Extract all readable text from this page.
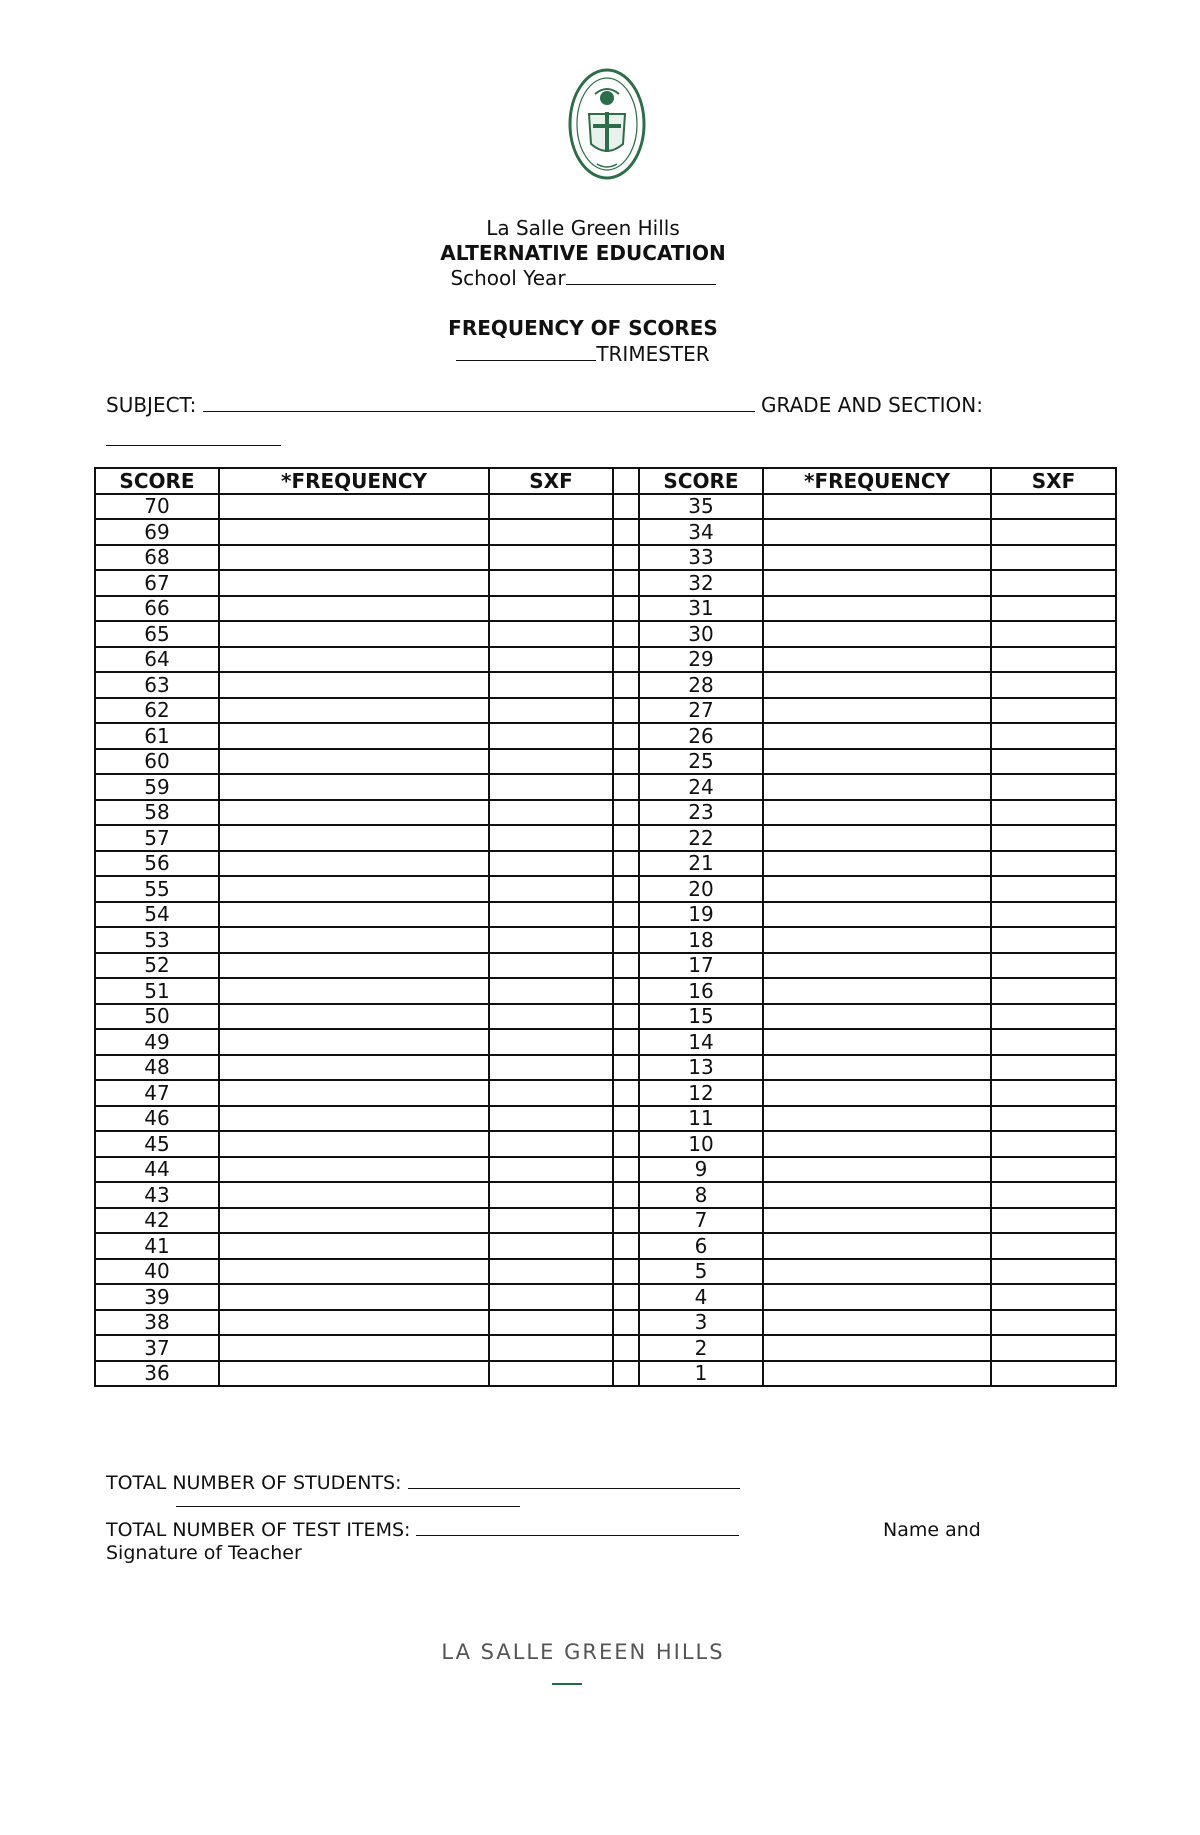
La Salle Green Hills
ALTERNATIVE EDUCATION
School Year
FREQUENCY OF SCORES
TRIMESTER
SUBJECT:	GRADE AND SECTION:
SCORE	*FREQUENCY	SXF		SCORE	*FREQUENCY	SXF
70				35		
69				34		
68				33		
67				32		
66				31		
65				30		
64				29		
63				28		
62				27		
61				26		
60				25		
59				24		
58				23		
57				22		
56				21		
55				20		
54				19		
53				18		
52				17		
51				16		
50				15		
49				14		
48				13		
47				12		
46				11		
45				10		
44				9		
43				8		
42				7		
41				6		
40				5		
39				4		
38				3		
37				2		
36				1		
TOTAL NUMBER OF STUDENTS:
TOTAL NUMBER OF TEST ITEMS:	Name and
Signature of Teacher
LA SALLE GREEN HILLS
